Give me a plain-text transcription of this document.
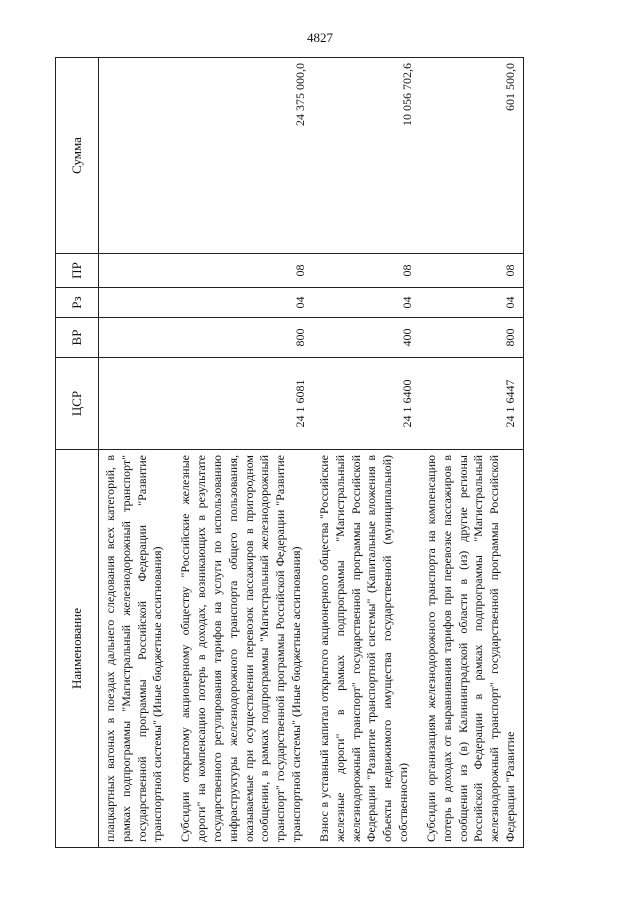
4827
Наименование	ЦСР	ВР	Рз	ПР	Сумма
плацкартных вагонах в поездах дальнего следования всех категорий, в рамках подпрограммы "Магистральный железнодорожный транспорт" государственной программы Российской Федерации "Развитие транспортной системы" (Иные бюджетные ассигнования)					
Субсидии открытому акционерному обществу "Российские железные дороги" на компенсацию потерь в доходах, возникающих в результате государственного регулирования тарифов на услуги по использованию инфраструктуры железнодорожного транспорта общего пользования, оказываемые при осуществлении перевозок пассажиров в пригородном сообщении, в рамках подпрограммы "Магистральный железнодорожный транспорт" государственной программы Российской Федерации "Развитие транспортной системы" (Иные бюджетные ассигнования)	24 1 6081	800	04	08	24 375 000,0
Взнос в уставный капитал открытого акционерного общества "Российские железные дороги" в рамках подпрограммы "Магистральный железнодорожный транспорт" государственной программы Российской Федерации "Развитие транспортной системы" (Капитальные вложения в объекты недвижимого имущества государственной (муниципальной) собственности)	24 1 6400	400	04	08	10 056 702,6
Субсидии организациям железнодорожного транспорта на компенсацию потерь в доходах от выравнивания тарифов при перевозке пассажиров в сообщении из (в) Калининградской области в (из) другие регионы Российской Федерации в рамках подпрограммы "Магистральный железнодорожный транспорт" государственной программы Российской Федерации "Развитие	24 1 6447	800	04	08	601 500,0
